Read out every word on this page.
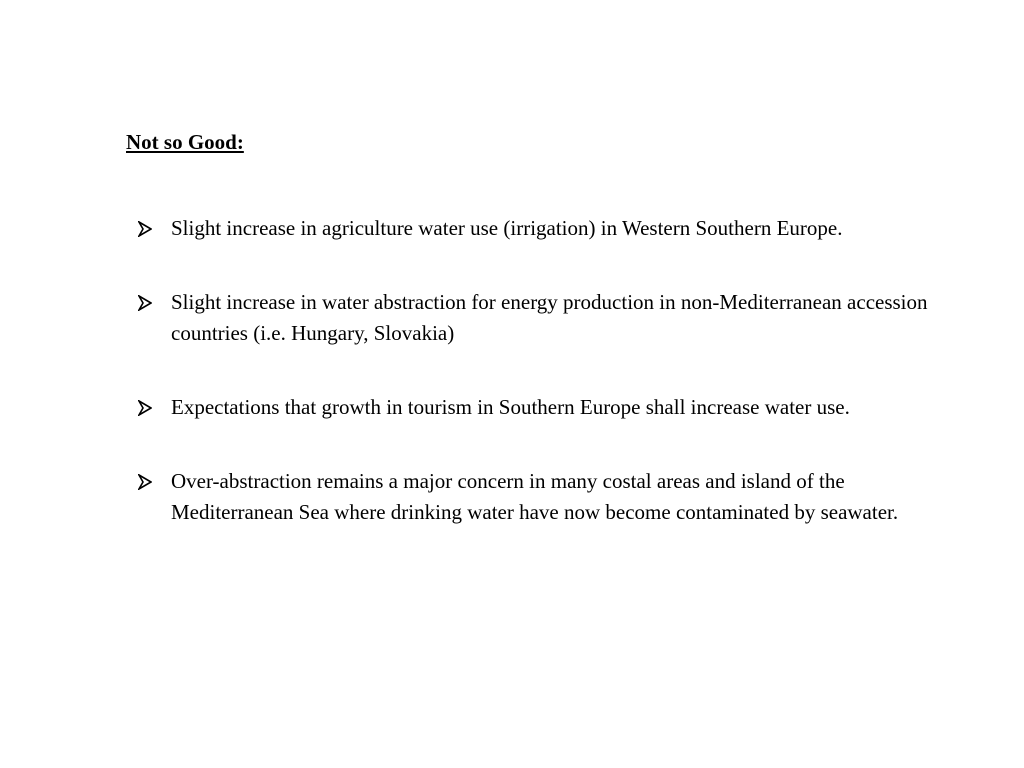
Not so Good:
Slight increase in agriculture water use (irrigation) in Western Southern Europe.
Slight increase in water abstraction for energy production in non-Mediterranean accession countries (i.e. Hungary, Slovakia)
Expectations that growth in tourism in Southern Europe shall increase water use.
Over-abstraction remains a major concern in many costal areas and island of the Mediterranean Sea where drinking water have now become contaminated by seawater.
